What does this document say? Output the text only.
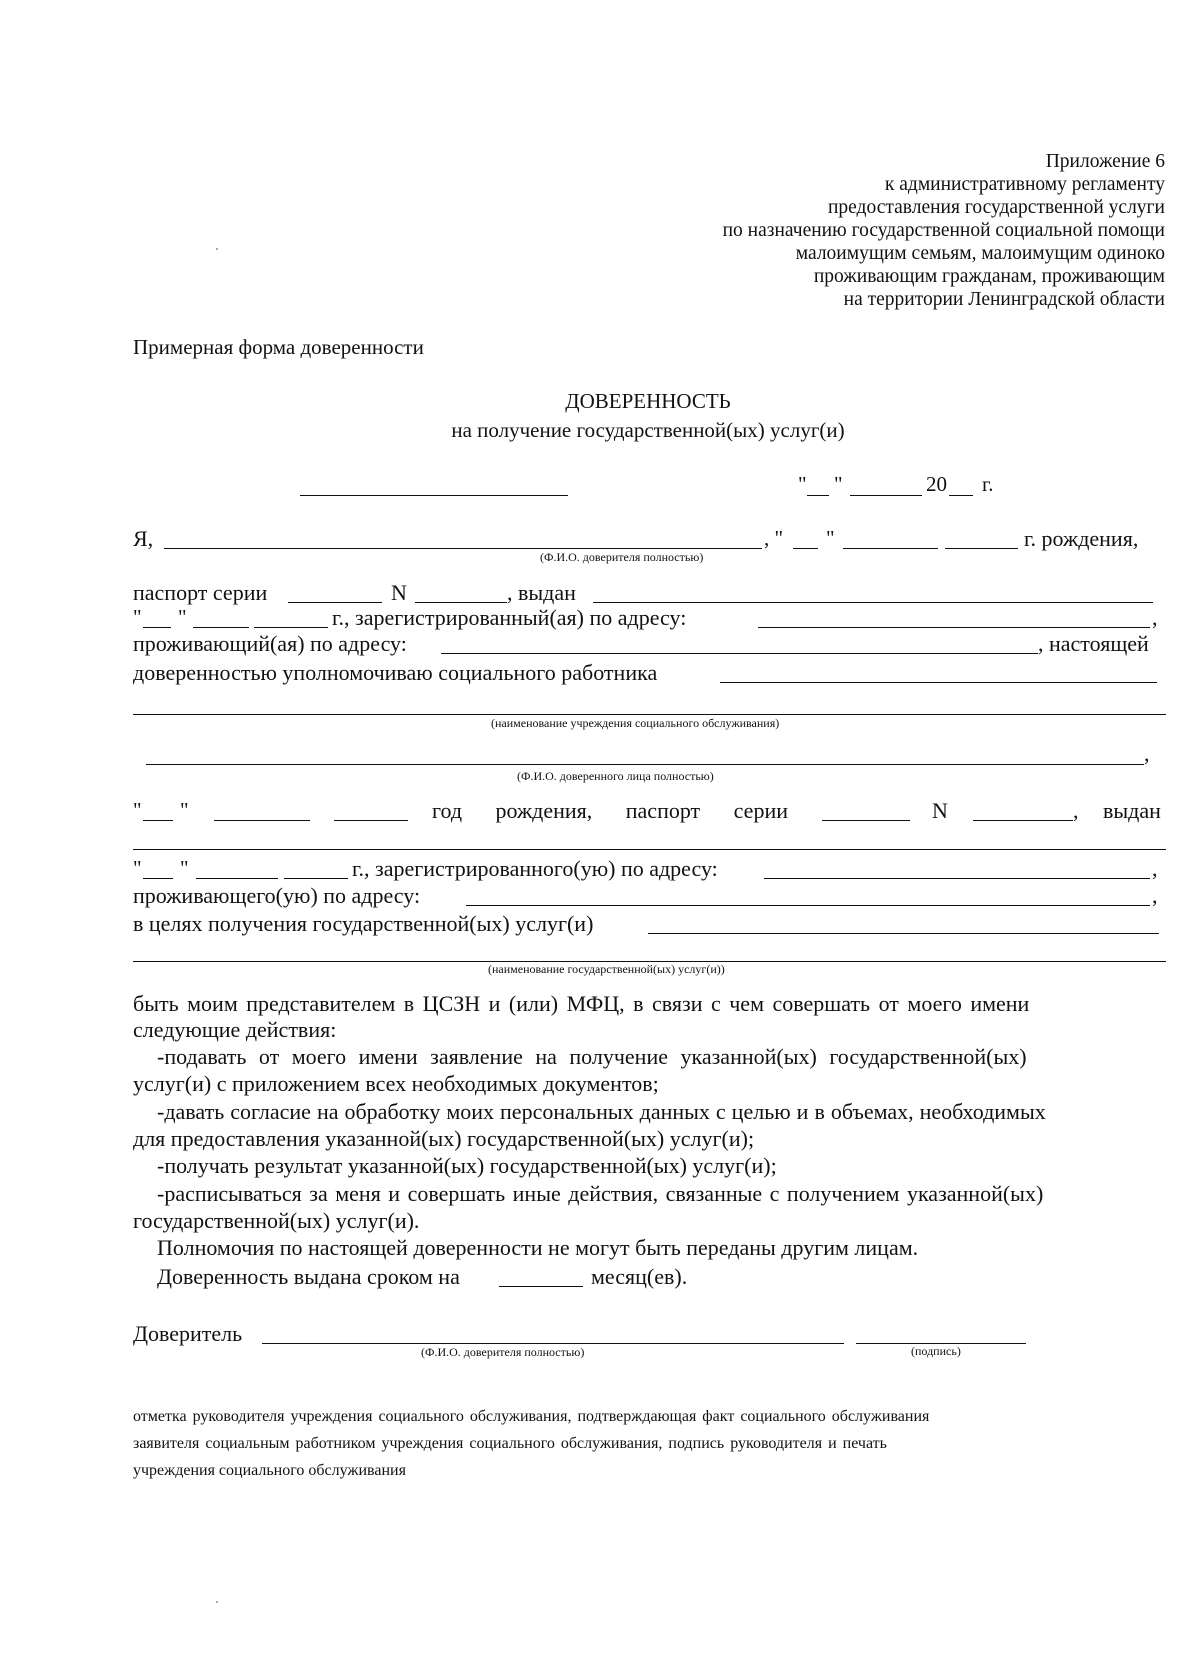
Приложение 6
к административному регламенту
предоставления государственной услуги
по назначению государственной социальной помощи
малоимущим семьям, малоимущим одиноко
проживающим гражданам, проживающим
на территории Ленинградской области
Примерная форма доверенности
ДОВЕРЕННОСТЬ
на получение государственной(ых) услуг(и)
" "	20 г.
Я,
(Ф.И.О. доверителя полностью)
, " "	г. рождения,
паспорт серии	N	, выдан
" "	г., зарегистрированный(ая) по адресу:	,
проживающий(ая) по адресу:	, настоящей
доверенностью уполномочиваю социального работника
(наименование учреждения социального обслуживания)
,
(Ф.И.О. доверенного лица полностью)
" "	год рождения, паспорт серии	N	, выдан
" "	г., зарегистрированного(ую) по адресу:	,
проживающего(ую) по адресу:	,
в целях получения государственной(ых) услуг(и)
(наименование государственной(ых) услуг(и))
быть моим представителем в ЦСЗН и (или) МФЦ, в связи с чем совершать от моего имени
следующие действия:
-подавать от моего имени заявление на получение указанной(ых) государственной(ых)
услуг(и) с приложением всех необходимых документов;
-давать согласие на обработку моих персональных данных с целью и в объемах, необходимых
для предоставления указанной(ых) государственной(ых) услуг(и);
-получать результат указанной(ых) государственной(ых) услуг(и);
-расписываться за меня и совершать иные действия, связанные с получением указанной(ых)
государственной(ых) услуг(и).
Полномочия по настоящей доверенности не могут быть переданы другим лицам.
Доверенность выдана сроком на	месяц(ев).
Доверитель
(Ф.И.О. доверителя полностью)	(подпись)
отметка руководителя учреждения социального обслуживания, подтверждающая факт социального обслуживания
заявителя социальным работником учреждения социального обслуживания, подпись руководителя и печать
учреждения социального обслуживания
